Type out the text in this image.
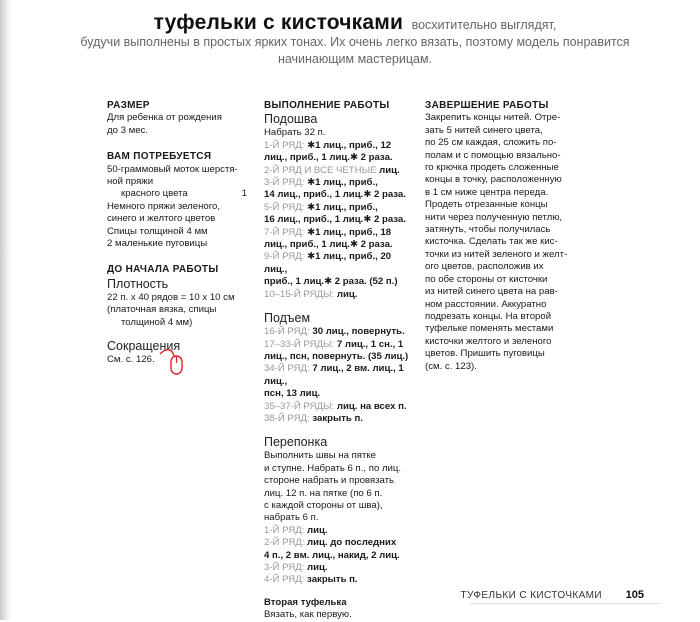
туфельки с кисточками восхитительно выглядят,
будучи выполнены в простых ярких тонах. Их очень легко вязать, поэтому модель понравится
начинающим мастерицам.
РАЗМЕР
Для ребенка от рождения
до 3 мес.
ВАМ ПОТРЕБУЕТСЯ
50-граммовый моток шерстя-
ной пряжи
красного цвета	1
Немного пряжи зеленого,
синего и желтого цветов
Спицы толщиной 4 мм
2 маленькие пуговицы
ДО НАЧАЛА РАБОТЫ
Плотность
22 п. х 40 рядов = 10 х 10 см
(платочная вязка, спицы
толщиной 4 мм)
Сокращения
См. с. 126.
ВЫПОЛНЕНИЕ РАБОТЫ
Подошва
Набрать 32 п.
1-Й РЯД: ✱1 лиц., приб., 12
лиц., приб., 1 лиц.✱ 2 раза.
2-Й РЯД И ВСЕ ЧЕТНЫЕ лиц.
3-Й РЯД: ✱1 лиц., приб.,
14 лиц., приб., 1 лиц.✱ 2 раза.
5-Й РЯД: ✱1 лиц., приб.,
16 лиц., приб., 1 лиц.✱ 2 раза.
7-Й РЯД: ✱1 лиц., приб., 18
лиц., приб., 1 лиц.✱ 2 раза.
9-Й РЯД: ✱1 лиц., приб., 20 лиц.,
приб., 1 лиц.✱ 2 раза. (52 п.)
10–15-Й РЯДЫ: лиц.
Подъем
16-Й РЯД: 30 лиц., повернуть.
17–33-Й РЯДЫ: 7 лиц., 1 сн., 1
лиц., псн, повернуть. (35 лиц.)
34-Й РЯД: 7 лиц., 2 вм. лиц., 1 лиц.,
псн, 13 лиц.
35–37-Й РЯДЫ: лиц. на всех п.
38-Й РЯД: закрыть п.
Перепонка
Выполнить швы на пятке
и ступне. Набрать 6 п., по лиц.
стороне набрать и провязать
лиц. 12 п. на пятке (по 6 п.
с каждой стороны от шва),
набрать 6 п.
1-Й РЯД: лиц.
2-Й РЯД: лиц. до последних
4 п., 2 вм. лиц., накид, 2 лиц.
3-Й РЯД: лиц.
4-Й РЯД: закрыть п.
Вторая туфелька
Вязать, как первую.
ЗАВЕРШЕНИЕ РАБОТЫ
Закрепить концы нитей. Отре-
зать 5 нитей синего цвета,
по 25 см каждая, сложить по-
полам и с помощью вязально-
го крючка продеть сложенные
концы в точку, расположенную
в 1 см ниже центра переда.
Продеть отрезанные концы
нити через полученную петлю,
затянуть, чтобы получилась
кисточка. Сделать так же кис-
точки из нитей зеленого и желт-
ого цветов, расположив их
по обе стороны от кисточки
из нитей синего цвета на рав-
ном расстоянии. Аккуратно
подрезать концы. На второй
туфельке поменять местами
кисточки желтого и зеленого
цветов. Пришить пуговицы
(см. с. 123).
ТУФЕЛЬКИ С КИСТОЧКАМИ 105
